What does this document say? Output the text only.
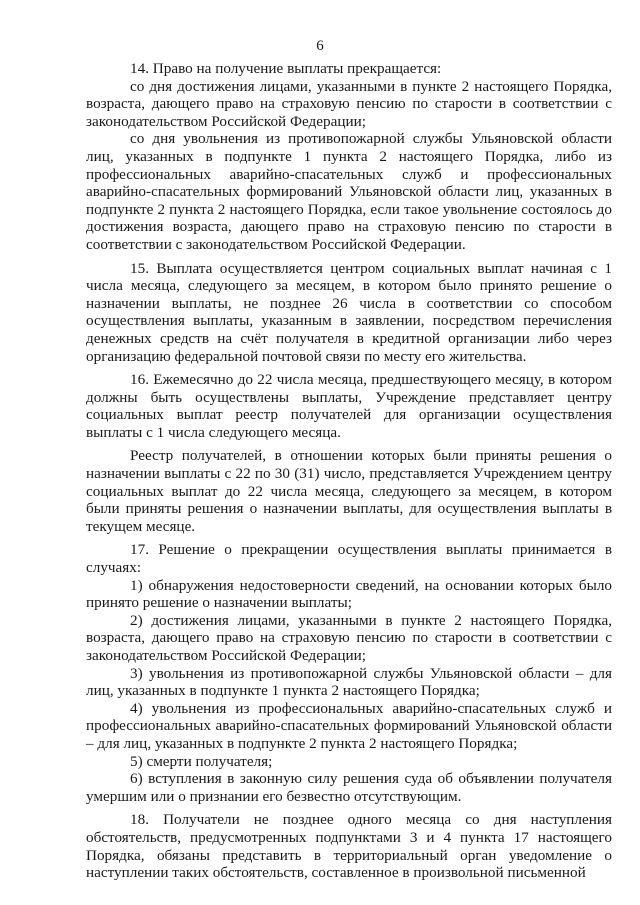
6

14. Право на получение выплаты прекращается:

со дня достижения лицами, указанными в пункте 2 настоящего Порядка, возраста, дающего право на страховую пенсию по старости в соответствии с законодательством Российской Федерации;

со дня увольнения из противопожарной службы Ульяновской области лиц, указанных в подпункте 1 пункта 2 настоящего Порядка, либо из профессиональных аварийно-спасательных служб и профессиональных аварийно-спасательных формирований Ульяновской области лиц, указанных в подпункте 2 пункта 2 настоящего Порядка, если такое увольнение состоялось до достижения возраста, дающего право на страховую пенсию по старости в соответствии с законодательством Российской Федерации.

15. Выплата осуществляется центром социальных выплат начиная с 1 числа месяца, следующего за месяцем, в котором было принято решение о назначении выплаты, не позднее 26 числа в соответствии со способом осуществления выплаты, указанным в заявлении, посредством перечисления денежных средств на счёт получателя в кредитной организации либо через организацию федеральной почтовой связи по месту его жительства.

16. Ежемесячно до 22 числа месяца, предшествующего месяцу, в котором должны быть осуществлены выплаты, Учреждение представляет центру социальных выплат реестр получателей для организации осуществления выплаты с 1 числа следующего месяца.

Реестр получателей, в отношении которых были приняты решения о назначении выплаты с 22 по 30 (31) число, представляется Учреждением центру социальных выплат до 22 числа месяца, следующего за месяцем, в котором были приняты решения о назначении выплаты, для осуществления выплаты в текущем месяце.

17. Решение о прекращении осуществления выплаты принимается в случаях:

1) обнаружения недостоверности сведений, на основании которых было принято решение о назначении выплаты;

2) достижения лицами, указанными в пункте 2 настоящего Порядка, возраста, дающего право на страховую пенсию по старости в соответствии с законодательством Российской Федерации;

3) увольнения из противопожарной службы Ульяновской области – для лиц, указанных в подпункте 1 пункта 2 настоящего Порядка;

4) увольнения из профессиональных аварийно-спасательных служб и профессиональных аварийно-спасательных формирований Ульяновской области – для лиц, указанных в подпункте 2 пункта 2 настоящего Порядка;

5) смерти получателя;

6) вступления в законную силу решения суда об объявлении получателя умершим или о признании его безвестно отсутствующим.

18. Получатели не позднее одного месяца со дня наступления обстоятельств, предусмотренных подпунктами 3 и 4 пункта 17 настоящего Порядка, обязаны представить в территориальный орган уведомление о наступлении таких обстоятельств, составленное в произвольной письменной
